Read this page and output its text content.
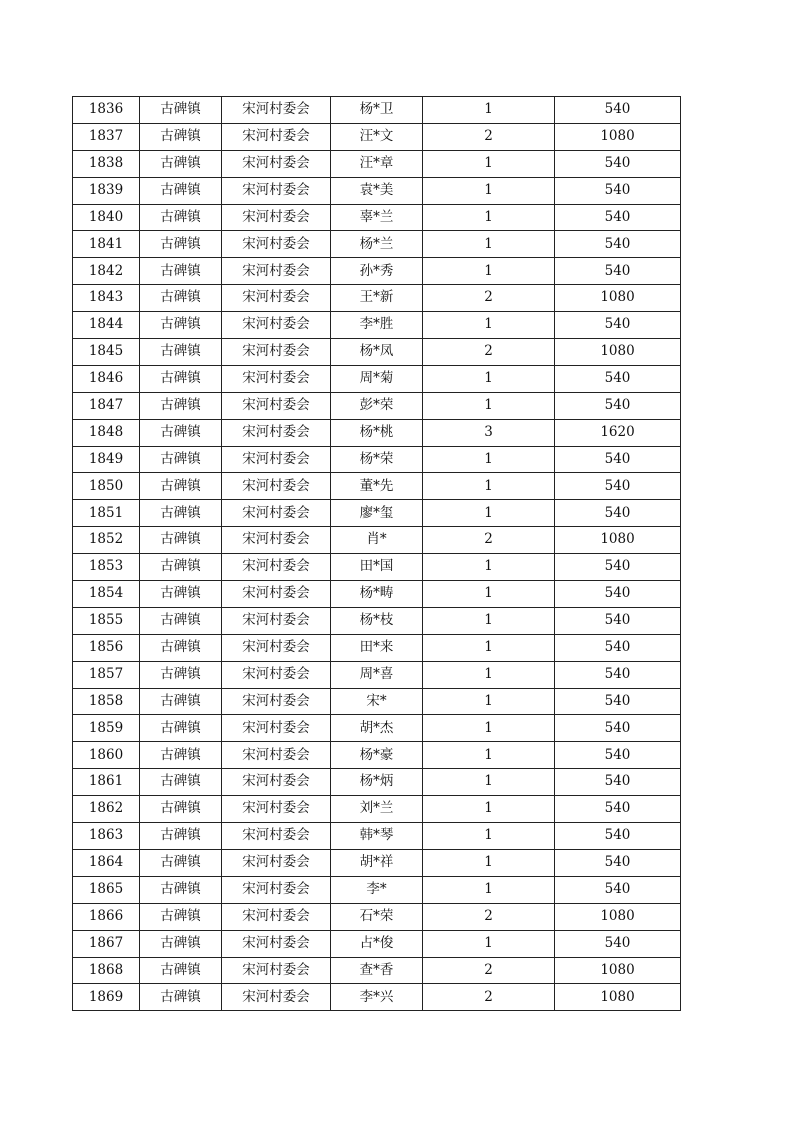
1836	古碑镇	宋河村委会	杨*卫	1	540
1837	古碑镇	宋河村委会	汪*文	2	1080
1838	古碑镇	宋河村委会	汪*章	1	540
1839	古碑镇	宋河村委会	袁*美	1	540
1840	古碑镇	宋河村委会	辜*兰	1	540
1841	古碑镇	宋河村委会	杨*兰	1	540
1842	古碑镇	宋河村委会	孙*秀	1	540
1843	古碑镇	宋河村委会	王*新	2	1080
1844	古碑镇	宋河村委会	李*胜	1	540
1845	古碑镇	宋河村委会	杨*凤	2	1080
1846	古碑镇	宋河村委会	周*菊	1	540
1847	古碑镇	宋河村委会	彭*荣	1	540
1848	古碑镇	宋河村委会	杨*桃	3	1620
1849	古碑镇	宋河村委会	杨*荣	1	540
1850	古碑镇	宋河村委会	董*先	1	540
1851	古碑镇	宋河村委会	廖*玺	1	540
1852	古碑镇	宋河村委会	肖*	2	1080
1853	古碑镇	宋河村委会	田*国	1	540
1854	古碑镇	宋河村委会	杨*畴	1	540
1855	古碑镇	宋河村委会	杨*枝	1	540
1856	古碑镇	宋河村委会	田*来	1	540
1857	古碑镇	宋河村委会	周*喜	1	540
1858	古碑镇	宋河村委会	宋*	1	540
1859	古碑镇	宋河村委会	胡*杰	1	540
1860	古碑镇	宋河村委会	杨*豪	1	540
1861	古碑镇	宋河村委会	杨*炳	1	540
1862	古碑镇	宋河村委会	刘*兰	1	540
1863	古碑镇	宋河村委会	韩*琴	1	540
1864	古碑镇	宋河村委会	胡*祥	1	540
1865	古碑镇	宋河村委会	李*	1	540
1866	古碑镇	宋河村委会	石*荣	2	1080
1867	古碑镇	宋河村委会	占*俊	1	540
1868	古碑镇	宋河村委会	查*香	2	1080
1869	古碑镇	宋河村委会	李*兴	2	1080
